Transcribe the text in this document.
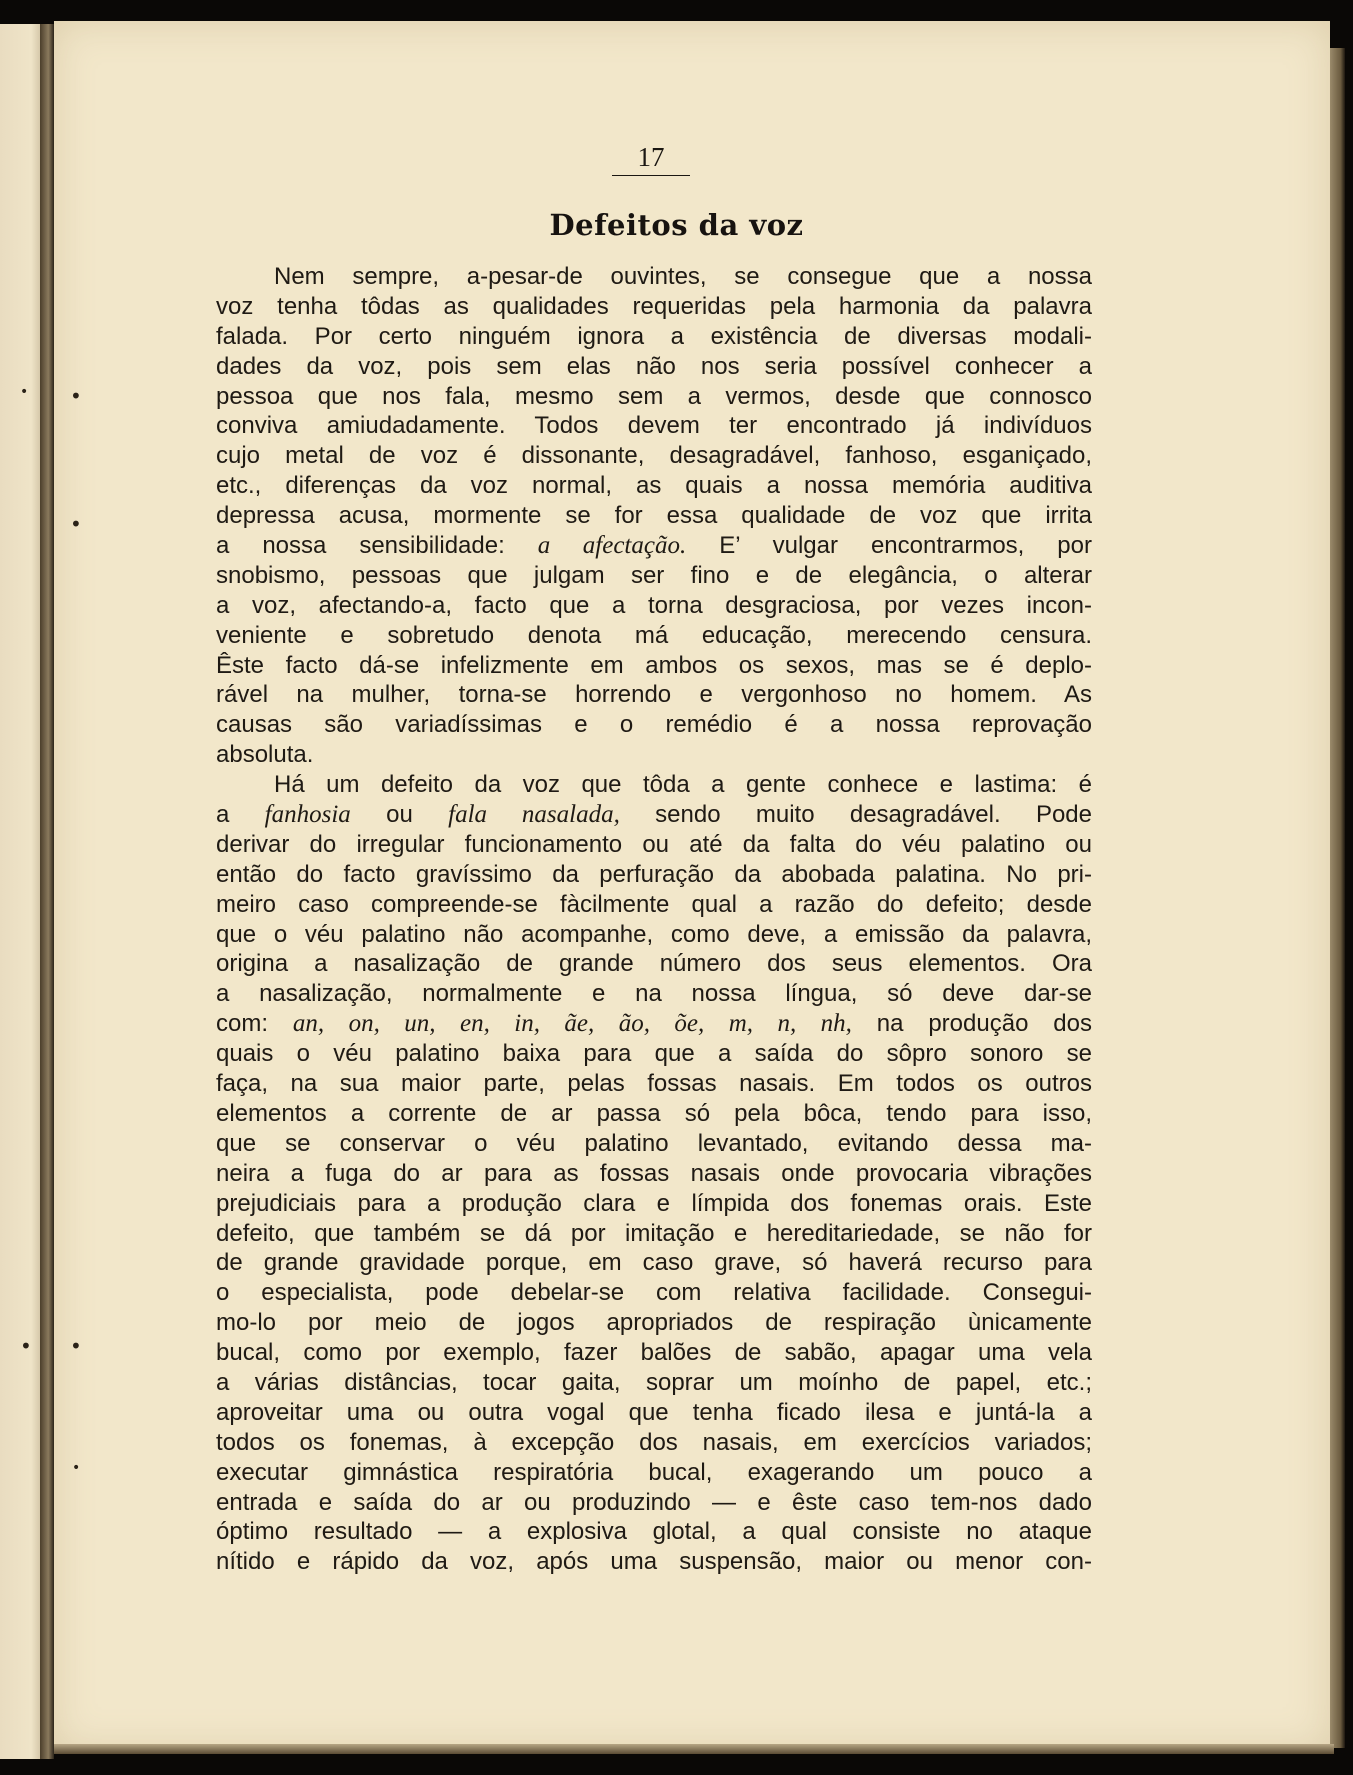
•
•
•
•
•
•
17
Defeitos da voz
Nem sempre, a-pesar-de ouvintes, se consegue que a nossa
voz tenha tôdas as qualidades requeridas pela harmonia da palavra
falada. Por certo ninguém ignora a existência de diversas modali-
dades da voz, pois sem elas não nos seria possível conhecer a
pessoa que nos fala, mesmo sem a vermos, desde que connosco
conviva amiudadamente. Todos devem ter encontrado já indivíduos
cujo metal de voz é dissonante, desagradável, fanhoso, esganiçado,
etc., diferenças da voz normal, as quais a nossa memória auditiva
depressa acusa, mormente se for essa qualidade de voz que irrita
a nossa sensibilidade: a afectação. E’ vulgar encontrarmos, por
snobismo, pessoas que julgam ser fino e de elegância, o alterar
a voz, afectando-a, facto que a torna desgraciosa, por vezes incon-
veniente e sobretudo denota má educação, merecendo censura.
Êste facto dá-se infelizmente em ambos os sexos, mas se é deplo-
rável na mulher, torna-se horrendo e vergonhoso no homem. As
causas são variadíssimas e o remédio é a nossa reprovação
absoluta.
Há um defeito da voz que tôda a gente conhece e lastima: é
a fanhosia ou fala nasalada, sendo muito desagradável. Pode
derivar do irregular funcionamento ou até da falta do véu palatino ou
então do facto gravíssimo da perfuração da abobada palatina. No pri-
meiro caso compreende-se fàcilmente qual a razão do defeito; desde
que o véu palatino não acompanhe, como deve, a emissão da palavra,
origina a nasalização de grande número dos seus elementos. Ora
a nasalização, normalmente e na nossa língua, só deve dar-se
com: an, on, un, en, in, ãe, ão, õe, m, n, nh, na produção dos
quais o véu palatino baixa para que a saída do sôpro sonoro se
faça, na sua maior parte, pelas fossas nasais. Em todos os outros
elementos a corrente de ar passa só pela bôca, tendo para isso,
que se conservar o véu palatino levantado, evitando dessa ma-
neira a fuga do ar para as fossas nasais onde provocaria vibrações
prejudiciais para a produção clara e límpida dos fonemas orais. Este
defeito, que também se dá por imitação e hereditariedade, se não for
de grande gravidade porque, em caso grave, só haverá recurso para
o especialista, pode debelar-se com relativa facilidade. Consegui-
mo-lo por meio de jogos apropriados de respiração ùnicamente
bucal, como por exemplo, fazer balões de sabão, apagar uma vela
a várias distâncias, tocar gaita, soprar um moínho de papel, etc.;
aproveitar uma ou outra vogal que tenha ficado ilesa e juntá-la a
todos os fonemas, à excepção dos nasais, em exercícios variados;
executar gimnástica respiratória bucal, exagerando um pouco a
entrada e saída do ar ou produzindo — e êste caso tem-nos dado
óptimo resultado — a explosiva glotal, a qual consiste no ataque
nítido e rápido da voz, após uma suspensão, maior ou menor con-
